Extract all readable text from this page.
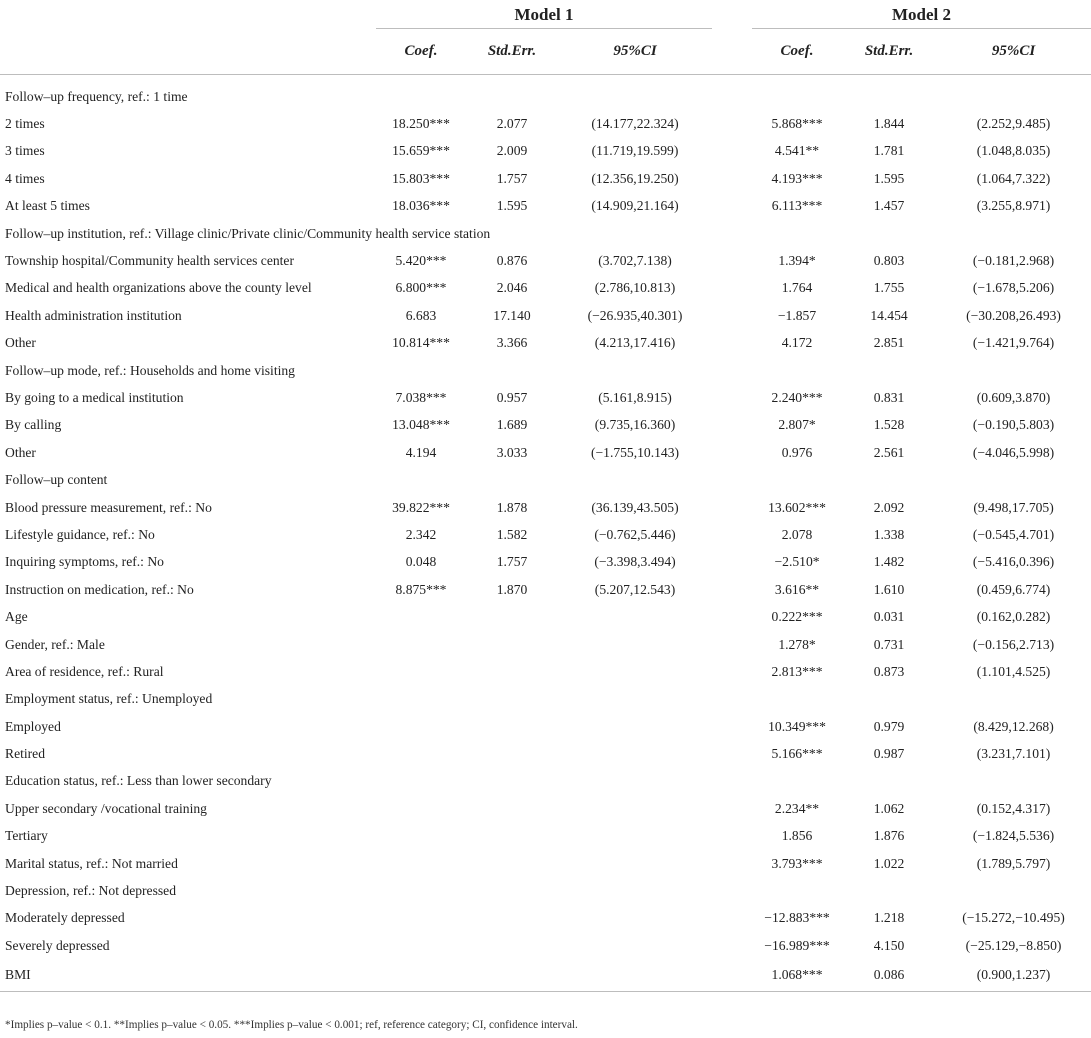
	Model 1				Model 2		
	Coef.	Std.Err.	95%CI		Coef.	Std.Err.	95%CI
Follow–up frequency, ref.: 1 time							
2 times	18.250***	2.077	(14.177,22.324)		5.868***	1.844	(2.252,9.485)
3 times	15.659***	2.009	(11.719,19.599)		4.541**	1.781	(1.048,8.035)
4 times	15.803***	1.757	(12.356,19.250)		4.193***	1.595	(1.064,7.322)
At least 5 times	18.036***	1.595	(14.909,21.164)		6.113***	1.457	(3.255,8.971)
Follow–up institution, ref.: Village clinic/Private clinic/Community health service station							
Township hospital/Community health services center	5.420***	0.876	(3.702,7.138)		1.394*	0.803	(−0.181,2.968)
Medical and health organizations above the county level	6.800***	2.046	(2.786,10.813)		1.764	1.755	(−1.678,5.206)
Health administration institution	6.683	17.140	(−26.935,40.301)		−1.857	14.454	(−30.208,26.493)
Other	10.814***	3.366	(4.213,17.416)		4.172	2.851	(−1.421,9.764)
Follow–up mode, ref.: Households and home visiting							
By going to a medical institution	7.038***	0.957	(5.161,8.915)		2.240***	0.831	(0.609,3.870)
By calling	13.048***	1.689	(9.735,16.360)		2.807*	1.528	(−0.190,5.803)
Other	4.194	3.033	(−1.755,10.143)		0.976	2.561	(−4.046,5.998)
Follow–up content							
Blood pressure measurement, ref.: No	39.822***	1.878	(36.139,43.505)		13.602***	2.092	(9.498,17.705)
Lifestyle guidance, ref.: No	2.342	1.582	(−0.762,5.446)		2.078	1.338	(−0.545,4.701)
Inquiring symptoms, ref.: No	0.048	1.757	(−3.398,3.494)		−2.510*	1.482	(−5.416,0.396)
Instruction on medication, ref.: No	8.875***	1.870	(5.207,12.543)		3.616**	1.610	(0.459,6.774)
Age					0.222***	0.031	(0.162,0.282)
Gender, ref.: Male					1.278*	0.731	(−0.156,2.713)
Area of residence, ref.: Rural					2.813***	0.873	(1.101,4.525)
Employment status, ref.: Unemployed							
Employed					10.349***	0.979	(8.429,12.268)
Retired					5.166***	0.987	(3.231,7.101)
Education status, ref.: Less than lower secondary							
Upper secondary /vocational training					2.234**	1.062	(0.152,4.317)
Tertiary					1.856	1.876	(−1.824,5.536)
Marital status, ref.: Not married					3.793***	1.022	(1.789,5.797)
Depression, ref.: Not depressed							
Moderately depressed					−12.883***	1.218	(−15.272,−10.495)
Severely depressed					−16.989***	4.150	(−25.129,−8.850)
BMI					1.068***	0.086	(0.900,1.237)
*Implies p–value < 0.1. **Implies p–value < 0.05. ***Implies p–value < 0.001; ref, reference category; CI, confidence interval.
